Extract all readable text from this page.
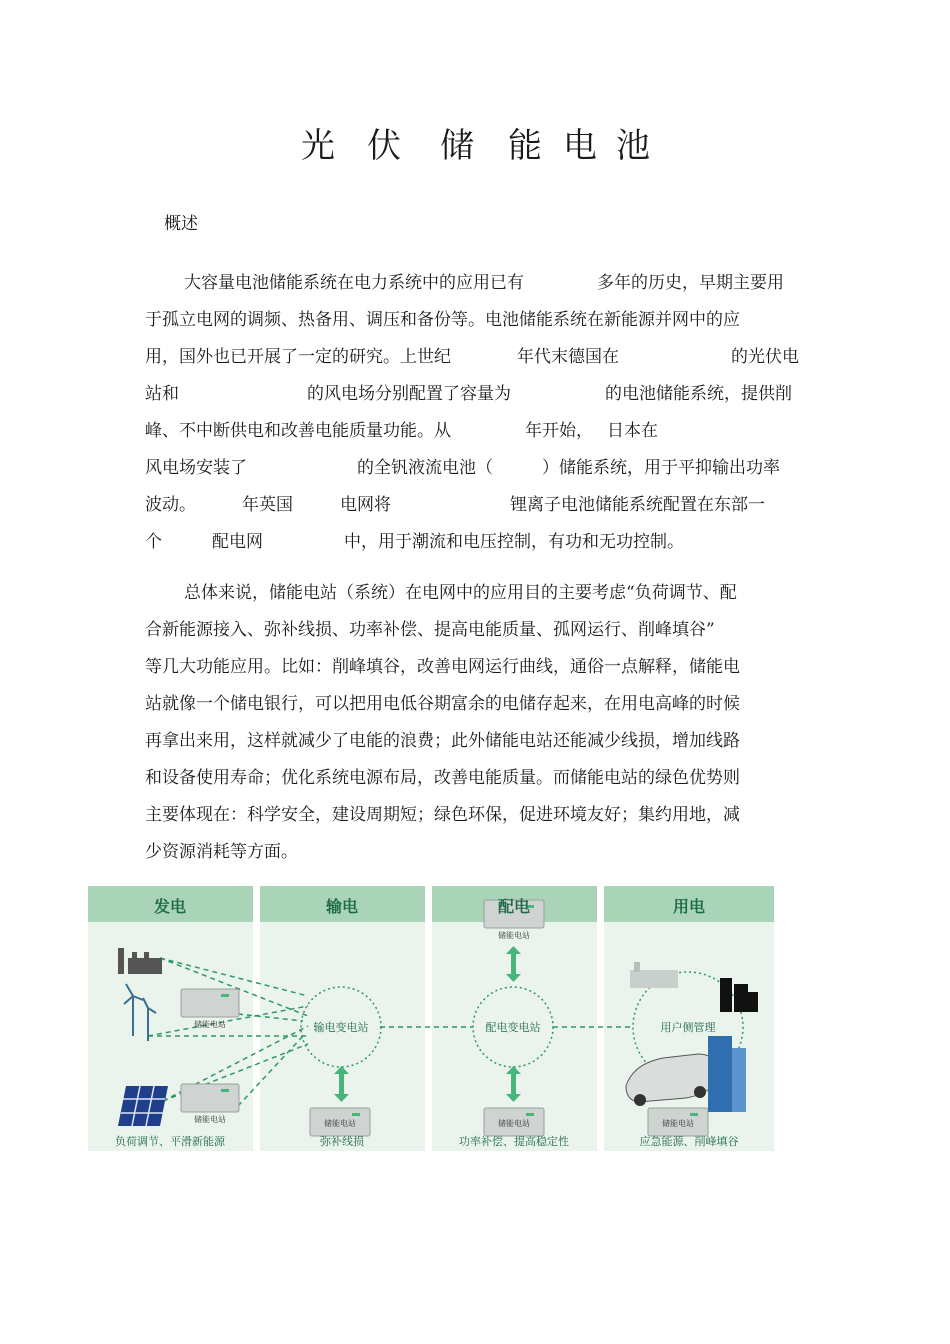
光 伏 储 能 电 池
概述

大容量电池储能系统在电力系统中的应用已有

	多年的历史，早期主要用

于孤立电网的调频、热备用、调压和备份等。电池储能系统在新能源并网中的应

用，国外也已开展了一定的研究。上世纪

	年代末德国在

	的光伏电

站和

	的风电场分别配置了容量为

	的电池储能系统，提供削

峰、不中断供电和改善电能质量功能。从

	年开始，

日本在

风电场安装了

	的全钒液流电池（

	）储能系统，用于平抑输出功率

波动。

	年英国

	电网将

	锂离子电池储能系统配置在东部一

个

	配电网

	中，用于潮流和电压控制，有功和无功控制。

总体来说，储能电站（系统）在电网中的应用目的主要考虑“负荷调节、配
合新能源接入、弥补线损、功率补偿、提高电能质量、孤网运行、削峰填谷”
等几大功能应用。比如：削峰填谷，改善电网运行曲线，通俗一点解释，储能电
站就像一个储电银行，可以把用电低谷期富余的电储存起来，在用电高峰的时候
再拿出来用，这样就减少了电能的浪费；此外储能电站还能减少线损，增加线路
和设备使用寿命；优化系统电源布局，改善电能质量。而储能电站的绿色优势则
主要体现在：科学安全，建设周期短；绿色环保，促进环境友好；集约用地，减
少资源消耗等方面。
发电	输电	配电	用电
负荷调节、平滑新能源	弥补线损	功率补偿、提高稳定性	应急能源、削峰填谷
输电变电站	配电变电站	用户侧管理
储能电站
储能电站
储能电站
储能电站	储能电站	储能电站
